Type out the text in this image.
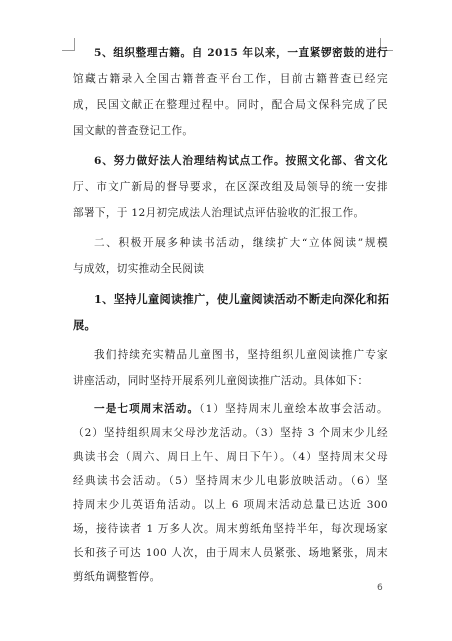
5、组织整理古籍。自 2015 年以来，一直紧锣密鼓的进行
馆藏古籍录入全国古籍普查平台工作，目前古籍普查已经完
成，民国文献正在整理过程中。同时，配合局文保科完成了民
国文献的普查登记工作。
6、努力做好法人治理结构试点工作。按照文化部、省文化
厅、市文广新局的督导要求，在区深改组及局领导的统一安排
部署下，于 12月初完成法人治理试点评估验收的汇报工作。
二、积极开展多种读书活动，继续扩大“立体阅读”规模
与成效，切实推动全民阅读
1、坚持儿童阅读推广，使儿童阅读活动不断走向深化和拓
展。
我们持续充实精品儿童图书，坚持组织儿童阅读推广专家
讲座活动，同时坚持开展系列儿童阅读推广活动。具体如下：
一是七项周末活动。（1）坚持周末儿童绘本故事会活动。
（2）坚持组织周末父母沙龙活动。（3）坚持 3 个周末少儿经
典读书会（周六、周日上午、周日下午）。（4）坚持周末父母
经典读书会活动。（5）坚持周末少儿电影放映活动。（6）坚
持周末少儿英语角活动。以上 6 项周末活动总量已达近 300
场，接待读者 1 万多人次。周末剪纸角坚持半年，每次现场家
长和孩子可达 100 人次，由于周末人员紧张、场地紧张，周末
剪纸角调整暂停。
6
